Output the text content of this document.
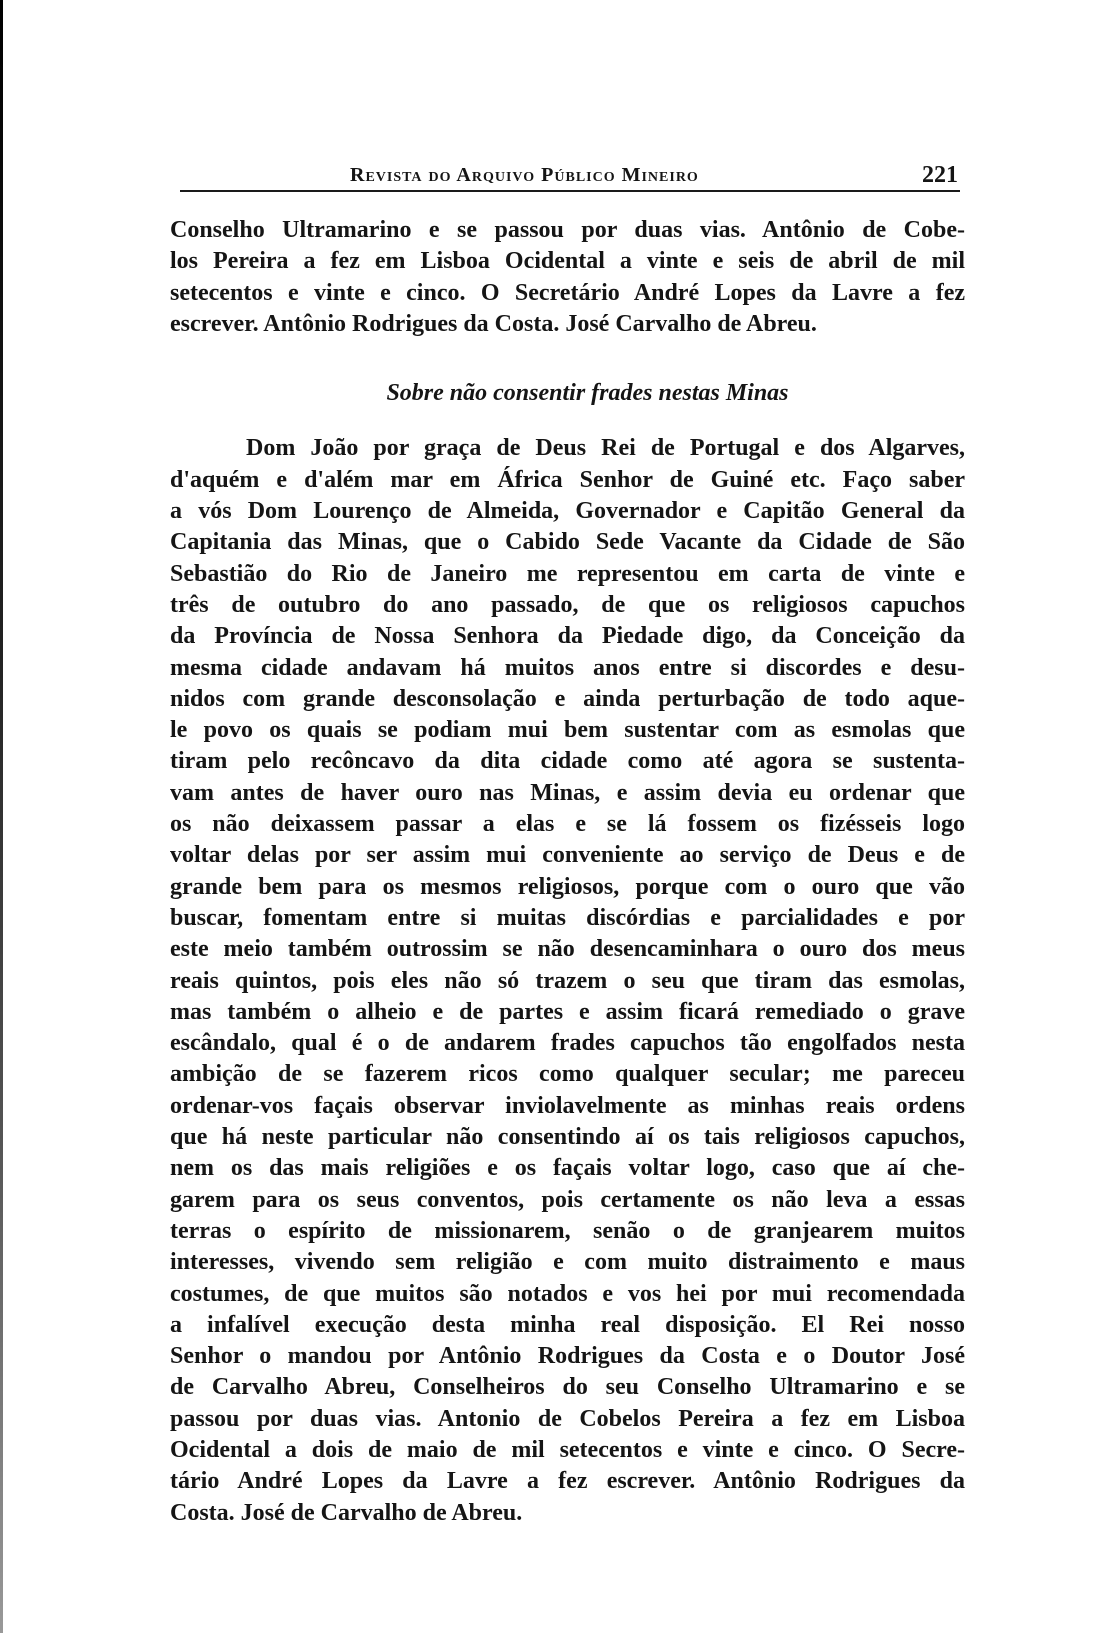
Revista do Arquivo Público Mineiro	221
Conselho Ultramarino e se passou por duas vias. Antônio de Cobe-
los Pereira a fez em Lisboa Ocidental a vinte e seis de abril de mil
setecentos e vinte e cinco. O Secretário André Lopes da Lavre a fez
escrever. Antônio Rodrigues da Costa. José Carvalho de Abreu.
Sobre não consentir frades nestas Minas
Dom João por graça de Deus Rei de Portugal e dos Algarves,
d'aquém e d'além mar em África Senhor de Guiné etc. Faço saber
a vós Dom Lourenço de Almeida, Governador e Capitão General da
Capitania das Minas, que o Cabido Sede Vacante da Cidade de São
Sebastião do Rio de Janeiro me representou em carta de vinte e
três de outubro do ano passado, de que os religiosos capuchos
da Província de Nossa Senhora da Piedade digo, da Conceição da
mesma cidade andavam há muitos anos entre si discordes e desu-
nidos com grande desconsolação e ainda perturbação de todo aque-
le povo os quais se podiam mui bem sustentar com as esmolas que
tiram pelo recôncavo da dita cidade como até agora se sustenta-
vam antes de haver ouro nas Minas, e assim devia eu ordenar que
os não deixassem passar a elas e se lá fossem os fizésseis logo
voltar delas por ser assim mui conveniente ao serviço de Deus e de
grande bem para os mesmos religiosos, porque com o ouro que vão
buscar, fomentam entre si muitas discórdias e parcialidades e por
este meio também outrossim se não desencaminhara o ouro dos meus
reais quintos, pois eles não só trazem o seu que tiram das esmolas,
mas também o alheio e de partes e assim ficará remediado o grave
escândalo, qual é o de andarem frades capuchos tão engolfados nesta
ambição de se fazerem ricos como qualquer secular; me pareceu
ordenar-vos façais observar inviolavelmente as minhas reais ordens
que há neste particular não consentindo aí os tais religiosos capuchos,
nem os das mais religiões e os façais voltar logo, caso que aí che-
garem para os seus conventos, pois certamente os não leva a essas
terras o espírito de missionarem, senão o de granjearem muitos
interesses, vivendo sem religião e com muito distraimento e maus
costumes, de que muitos são notados e vos hei por mui recomendada
a infalível execução desta minha real disposição. El Rei nosso
Senhor o mandou por Antônio Rodrigues da Costa e o Doutor José
de Carvalho Abreu, Conselheiros do seu Conselho Ultramarino e se
passou por duas vias. Antonio de Cobelos Pereira a fez em Lisboa
Ocidental a dois de maio de mil setecentos e vinte e cinco. O Secre-
tário André Lopes da Lavre a fez escrever. Antônio Rodrigues da
Costa. José de Carvalho de Abreu.
